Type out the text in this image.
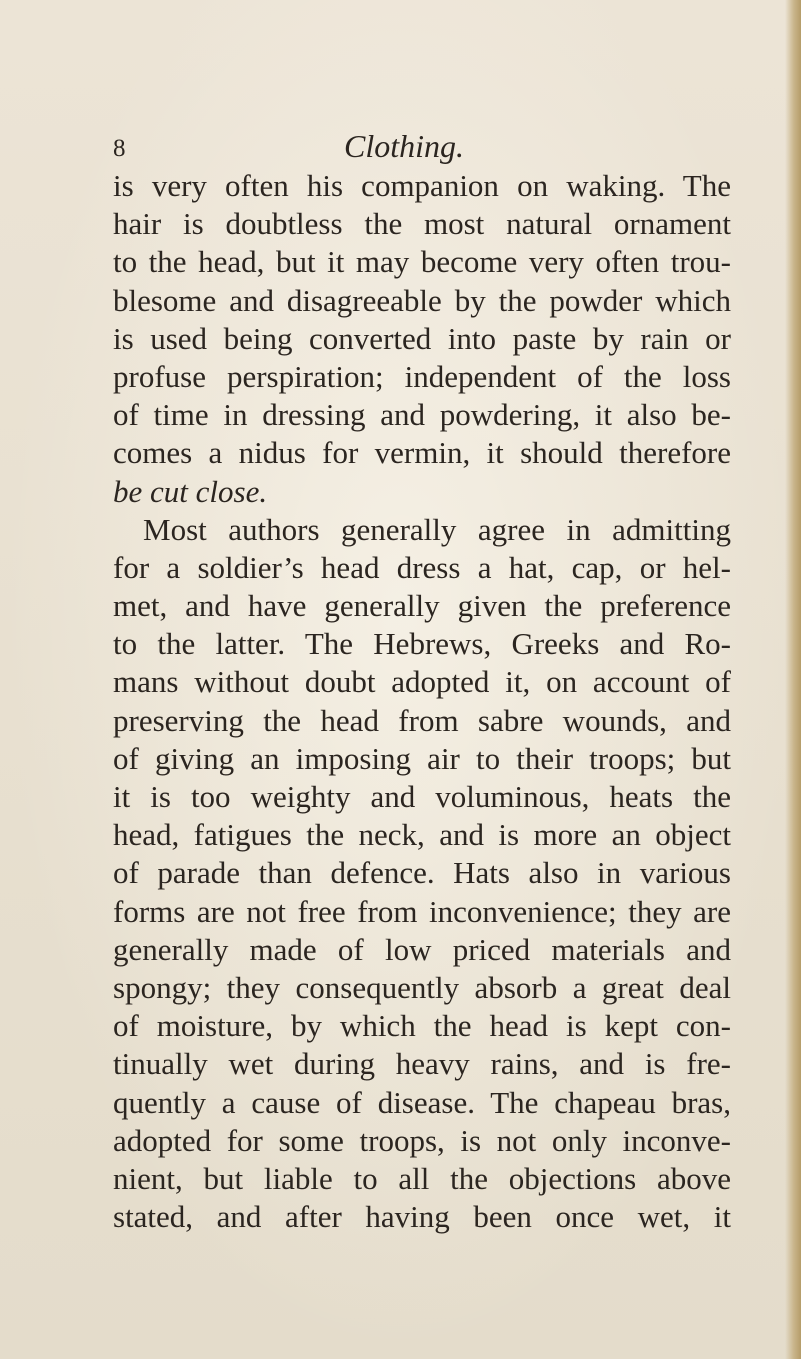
8	Clothing.
is very often his companion on waking. The
hair is doubtless the most natural ornament
to the head, but it may become very often trou-
blesome and disagreeable by the powder which
is used being converted into paste by rain or
profuse perspiration; independent of the loss
of time in dressing and powdering, it also be-
comes a nidus for vermin, it should therefore
be cut close.
Most authors generally agree in admitting
for a soldier’s head dress a hat, cap, or hel-
met, and have generally given the preference
to the latter. The Hebrews, Greeks and Ro-
mans without doubt adopted it, on account of
preserving the head from sabre wounds, and
of giving an imposing air to their troops; but
it is too weighty and voluminous, heats the
head, fatigues the neck, and is more an object
of parade than defence. Hats also in various
forms are not free from inconvenience; they are
generally made of low priced materials and
spongy; they consequently absorb a great deal
of moisture, by which the head is kept con-
tinually wet during heavy rains, and is fre-
quently a cause of disease. The chapeau bras,
adopted for some troops, is not only inconve-
nient, but liable to all the objections above
stated, and after having been once wet, it
